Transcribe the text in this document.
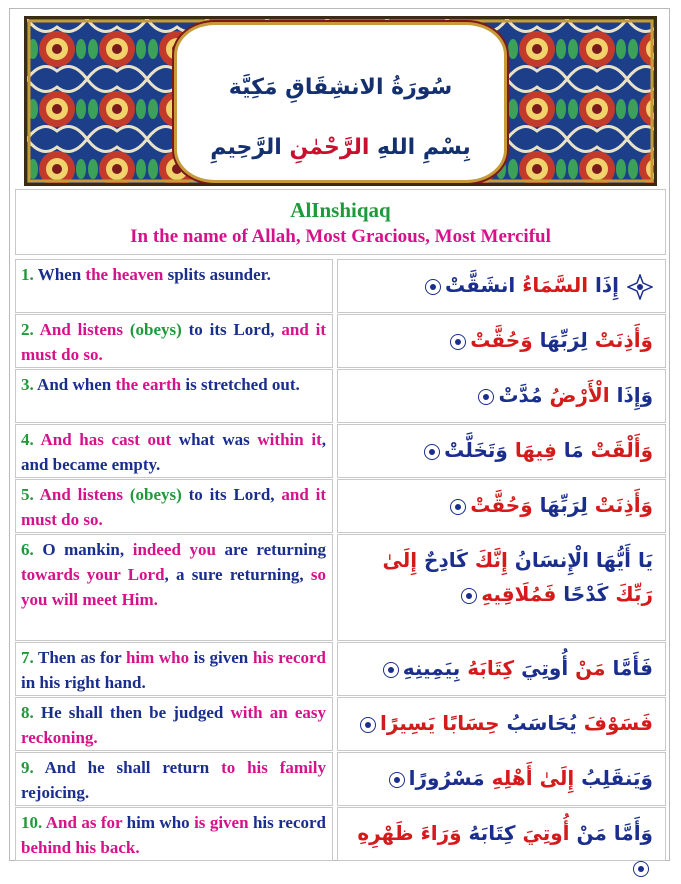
سُورَةُ الانشِقَاقِ مَكِيَّة
بِسْمِ اللهِ الرَّحْمٰنِ الرَّحِيمِ
AlInshiqaq
In the name of Allah, Most Gracious, Most Merciful
1. When the heaven splits asunder.	إِذَا السَّمَاءُ انشَقَّتْ
2. And listens (obeys) to its Lord, and it must do so.
وَأَذِنَتْ لِرَبِّهَا وَحُقَّتْ
3. And when the earth is stretched out.	وَإِذَا الْأَرْضُ مُدَّتْ
4. And has cast out what was within it, and became empty.
وَأَلْقَتْ مَا فِيهَا وَتَخَلَّتْ
5. And listens (obeys) to its Lord, and it must do so.
وَأَذِنَتْ لِرَبِّهَا وَحُقَّتْ
6. O mankin, indeed you are returning towards your Lord, a sure returning, so you will meet Him.
يَا أَيُّهَا الْإِنسَانُ إِنَّكَ كَادِحٌ إِلَىٰ رَبِّكَ كَدْحًا فَمُلَاقِيهِ
7. Then as for him who is given his record in his right hand.
فَأَمَّا مَنْ أُوتِيَ كِتَابَهُ بِيَمِينِهِ
8. He shall then be judged with an easy reckoning.
فَسَوْفَ يُحَاسَبُ حِسَابًا يَسِيرًا
9. And he shall return to his family rejoicing.
وَيَنقَلِبُ إِلَىٰ أَهْلِهِ مَسْرُورًا
10. And as for him who is given his record behind his back.
وَأَمَّا مَنْ أُوتِيَ كِتَابَهُ وَرَاءَ ظَهْرِهِ
